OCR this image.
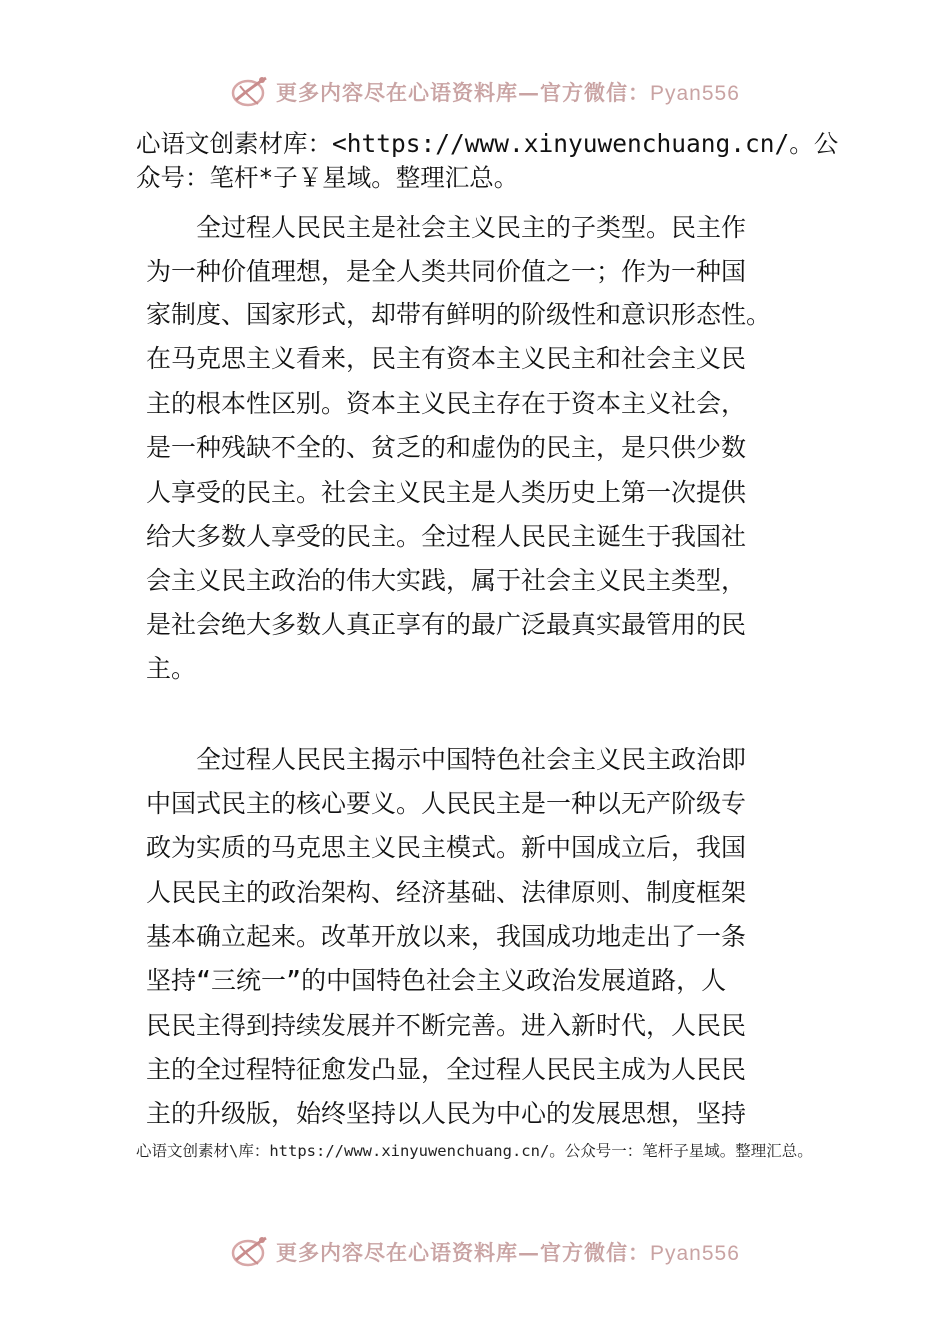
更多内容尽在心语资料库—官方微信：Pyan556
心语文创素材库：<https://www.xinyuwenchuang.cn/。公
众号：笔杆*子￥星域。整理汇总。
　　全过程人民民主是社会主义民主的子类型。民主作
为一种价值理想，是全人类共同价值之一；作为一种国
家制度、国家形式，却带有鲜明的阶级性和意识形态性。
在马克思主义看来，民主有资本主义民主和社会主义民
主的根本性区别。资本主义民主存在于资本主义社会，
是一种残缺不全的、贫乏的和虚伪的民主，是只供少数
人享受的民主。社会主义民主是人类历史上第一次提供
给大多数人享受的民主。全过程人民民主诞生于我国社
会主义民主政治的伟大实践，属于社会主义民主类型，
是社会绝大多数人真正享有的最广泛最真实最管用的民
主。
　　全过程人民民主揭示中国特色社会主义民主政治即
中国式民主的核心要义。人民民主是一种以无产阶级专
政为实质的马克思主义民主模式。新中国成立后，我国
人民民主的政治架构、经济基础、法律原则、制度框架
基本确立起来。改革开放以来，我国成功地走出了一条
坚持“三统一”的中国特色社会主义政治发展道路，人
民民主得到持续发展并不断完善。进入新时代，人民民
主的全过程特征愈发凸显，全过程人民民主成为人民民
主的升级版，始终坚持以人民为中心的发展思想，坚持
心语文创素材\库：https://www.xinyuwenchuang.cn/。公众号一：笔杆子星域。整理汇总。
更多内容尽在心语资料库—官方微信：Pyan556
